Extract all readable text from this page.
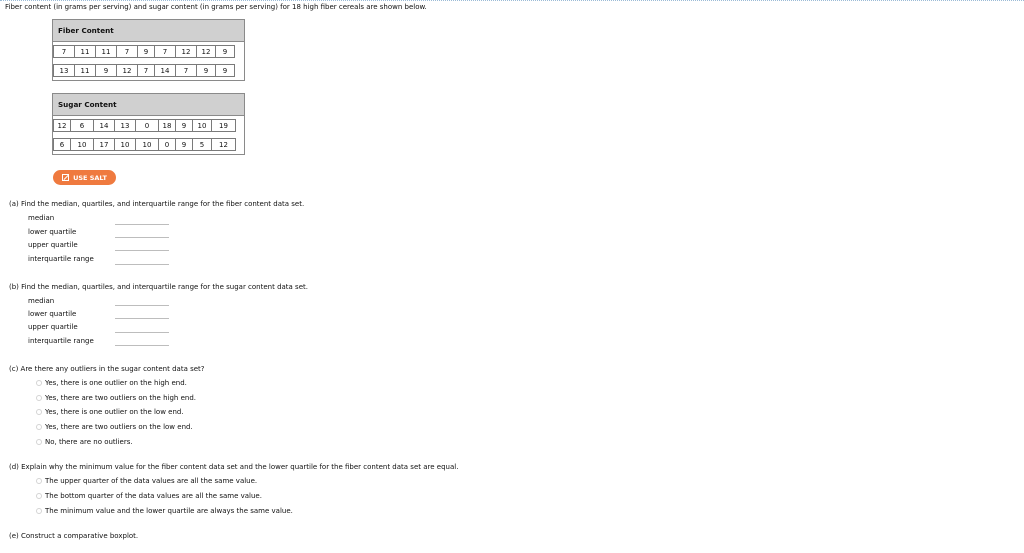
Fiber content (in grams per serving) and sugar content (in grams per serving) for 18 high fiber cereals are shown below.
Fiber Content
7	11	11	7	9	7	12	12	9
13	11	9	12	7	14	7	9	9
Sugar Content
12	6	14	13	0	18	9	10	19
6	10	17	10	10	0	9	5	12
USE SALT
(a) Find the median, quartiles, and interquartile range for the fiber content data set.
median
lower quartile
upper quartile
interquartile range
(b) Find the median, quartiles, and interquartile range for the sugar content data set.
median
lower quartile
upper quartile
interquartile range
(c) Are there any outliers in the sugar content data set?
Yes, there is one outlier on the high end.
Yes, there are two outliers on the high end.
Yes, there is one outlier on the low end.
Yes, there are two outliers on the low end.
No, there are no outliers.
(d) Explain why the minimum value for the fiber content data set and the lower quartile for the fiber content data set are equal.
The upper quarter of the data values are all the same value.
The bottom quarter of the data values are all the same value.
The minimum value and the lower quartile are always the same value.
(e) Construct a comparative boxplot.
